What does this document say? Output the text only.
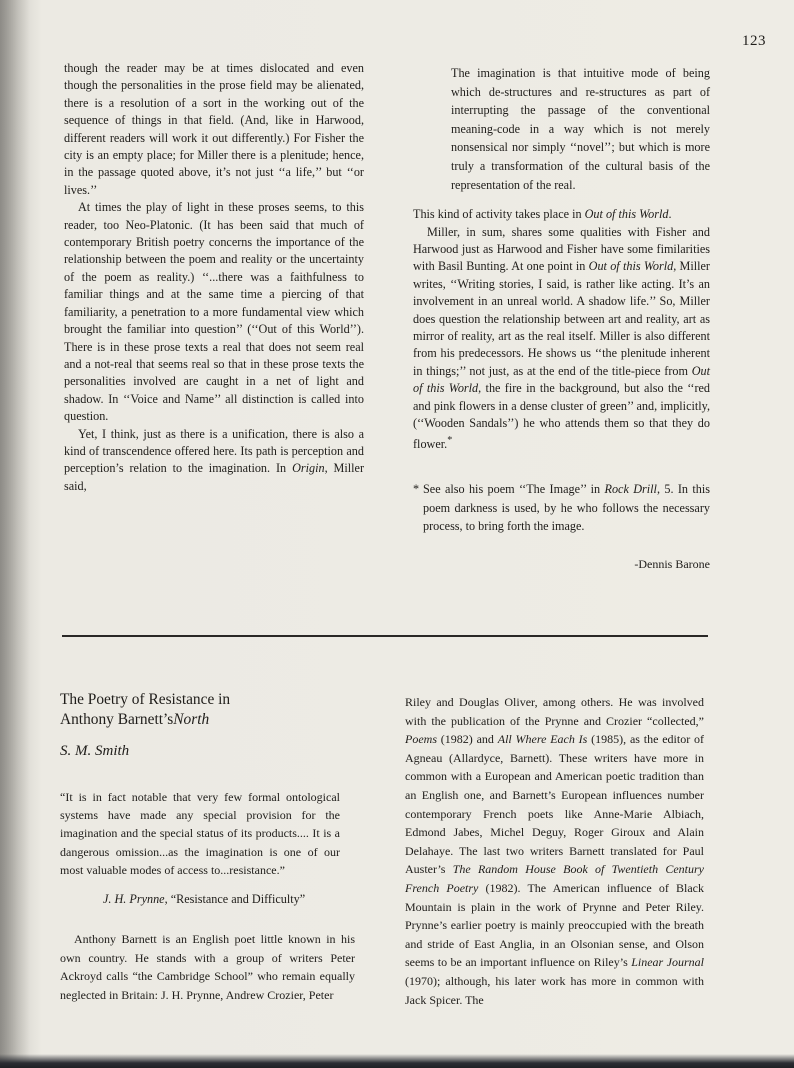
123

though the reader may be at times dislocated and even though the personalities in the prose field may be alienated, there is a resolution of a sort in the working out of the sequence of things in that field. (And, like in Harwood, different readers will work it out differently.) For Fisher the city is an empty place; for Miller there is a plenitude; hence, in the passage quoted above, it’s not just ‘‘a life,’’ but ‘‘or lives.’’

At times the play of light in these proses seems, to this reader, too Neo-Platonic. (It has been said that much of contemporary British poetry concerns the importance of the relationship between the poem and reality or the uncertainty of the poem as reality.) ‘‘...there was a faithfulness to familiar things and at the same time a piercing of that familiarity, a penetration to a more fundamental view which brought the familiar into question’’ (‘‘Out of this World’’). There is in these prose texts a real that does not seem real and a not-real that seems real so that in these prose texts the personalities involved are caught in a net of light and shadow. In ‘‘Voice and Name’’ all distinction is called into question.

Yet, I think, just as there is a unification, there is also a kind of transcendence offered here. Its path is perception and perception’s relation to the imagination. In Origin, Miller said,

The imagination is that intuitive mode of being which de-structures and re-structures as part of interrupting the passage of the conventional meaning-code in a way which is not merely nonsensical nor simply ‘‘novel’’; but which is more truly a transformation of the cultural basis of the representation of the real.

This kind of activity takes place in Out of this World.

Miller, in sum, shares some qualities with Fisher and Harwood just as Harwood and Fisher have some fimilarities with Basil Bunting. At one point in Out of this World, Miller writes, ‘‘Writing stories, I said, is rather like acting. It’s an involvement in an unreal world. A shadow life.’’ So, Miller does question the relationship between art and reality, art as mirror of reality, art as the real itself. Miller is also different from his predecessors. He shows us ‘‘the plenitude inherent in things;’’ not just, as at the end of the title-piece from Out of this World, the fire in the background, but also the ‘‘red and pink flowers in a dense cluster of green’’ and, implicitly, (‘‘Wooden Sandals’’) he who attends them so that they do flower.*

* See also his poem ‘‘The Image’’ in Rock Drill, 5. In this poem darkness is used, by he who follows the necessary process, to bring forth the image.
-Dennis Barone
The Poetry of Resistance in
Anthony Barnett’sNorth
S. M. Smith
“It is in fact notable that very few formal ontological systems have made any special provision for the imagination and the special status of its products.... It is a dangerous omission...as the imagination is one of our most valuable modes of access to...resistance.”
J. H. Prynne, “Resistance and Difficulty”

Anthony Barnett is an English poet little known in his own country. He stands with a group of writers Peter Ackroyd calls “the Cambridge School” who remain equally neglected in Britain: J. H. Prynne, Andrew Crozier, Peter

Riley and Douglas Oliver, among others. He was involved with the publication of the Prynne and Crozier “collected,” Poems (1982) and All Where Each Is (1985), as the editor of Agneau (Allardyce, Barnett). These writers have more in common with a European and American poetic tradition than an English one, and Barnett’s European influences number contemporary French poets like Anne-Marie Albiach, Edmond Jabes, Michel Deguy, Roger Giroux and Alain Delahaye. The last two writers Barnett translated for Paul Auster’s The Random House Book of Twentieth Century French Poetry (1982). The American influence of Black Mountain is plain in the work of Prynne and Peter Riley. Prynne’s earlier poetry is mainly preoccupied with the breath and stride of East Anglia, in an Olsonian sense, and Olson seems to be an important influence on Riley’s Linear Journal (1970); although, his later work has more in common with Jack Spicer. The
